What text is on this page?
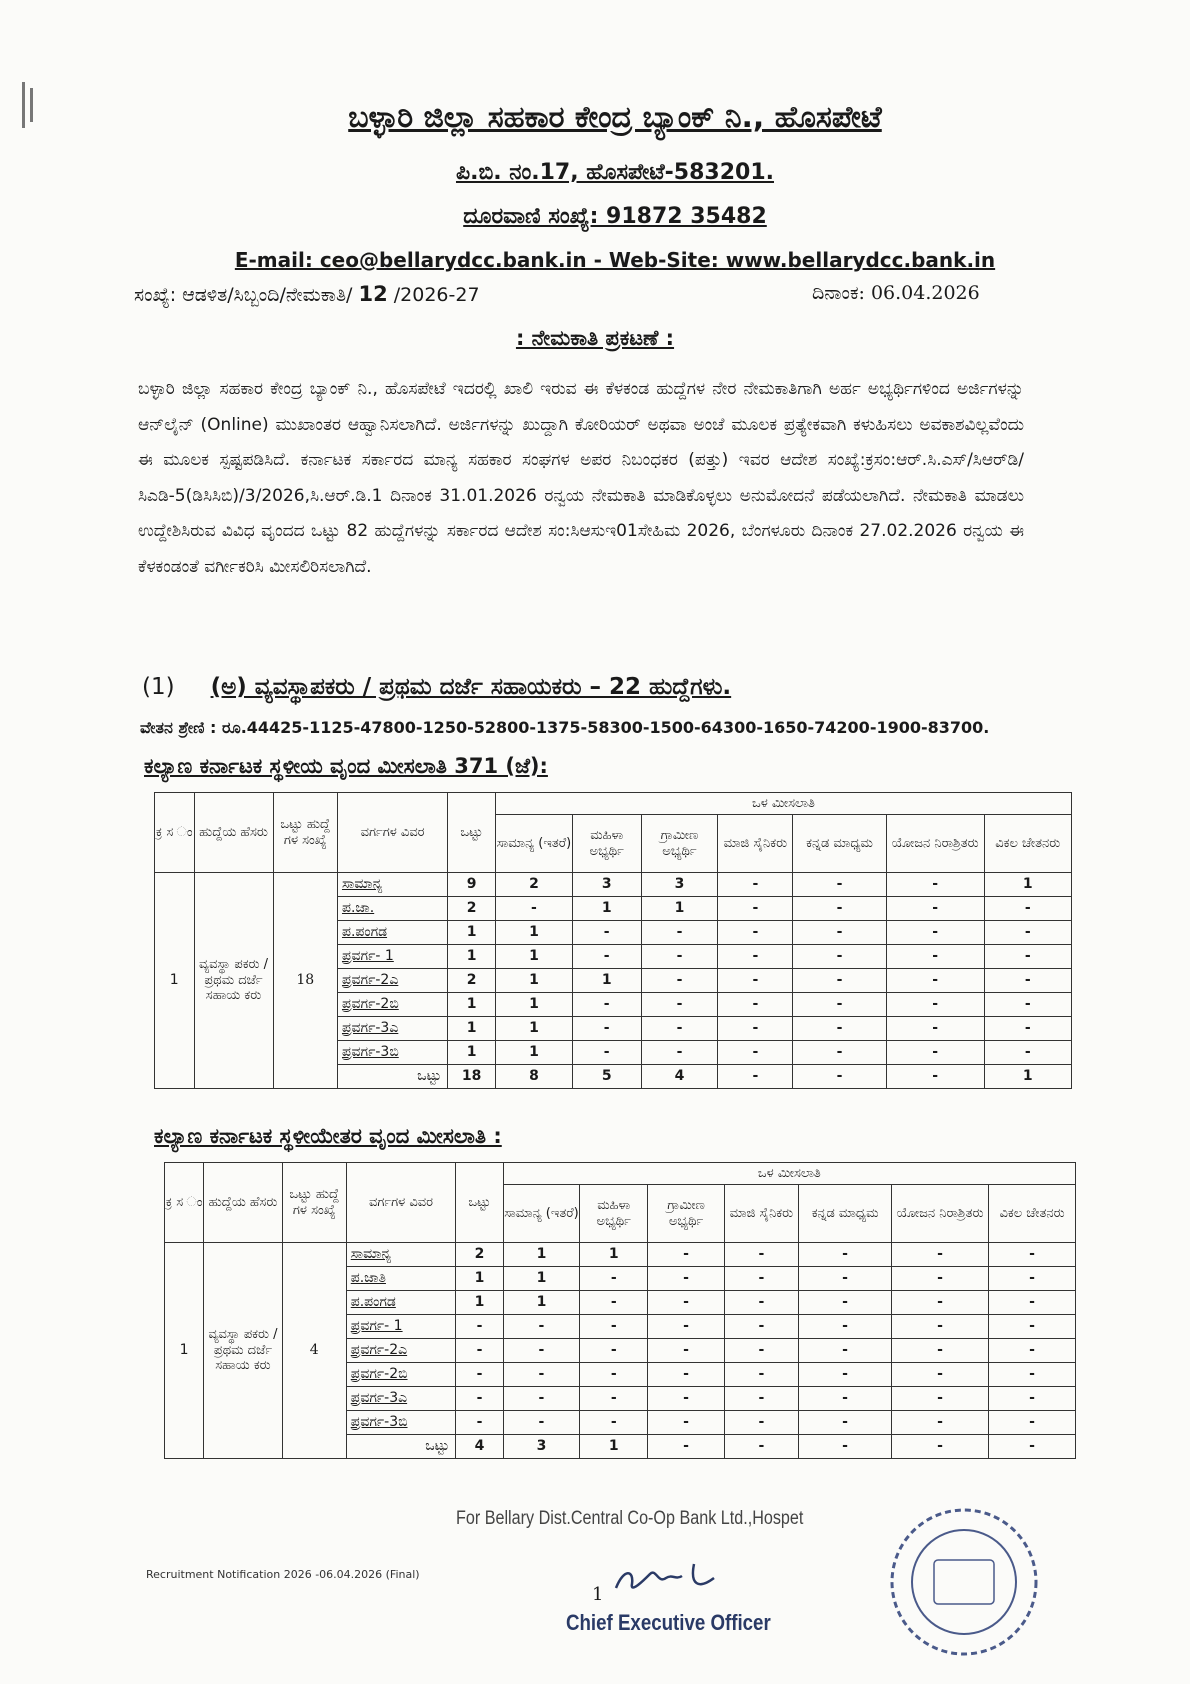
ಬಳ್ಳಾರಿ ಜಿಲ್ಲಾ ಸಹಕಾರ ಕೇಂದ್ರ ಬ್ಯಾಂಕ್ ನಿ., ಹೊಸಪೇಟೆ
ಪಿ.ಬಿ. ನಂ.17, ಹೊಸಪೇಟೆ-583201.
ದೂರವಾಣಿ ಸಂಖ್ಯೆ: 91872 35482
E-mail: ceo@bellarydcc.bank.in - Web-Site: www.bellarydcc.bank.in
ಸಂಖ್ಯೆ: ಆಡಳಿತ/ಸಿಬ್ಬಂದಿ/ನೇಮಕಾತಿ/ 12 /2026-27	ದಿನಾಂಕ: 06.04.2026
: ನೇಮಕಾತಿ ಪ್ರಕಟಣೆ :
ಬಳ್ಳಾರಿ ಜಿಲ್ಲಾ ಸಹಕಾರ ಕೇಂದ್ರ ಬ್ಯಾಂಕ್ ನಿ., ಹೊಸಪೇಟೆ ಇದರಲ್ಲಿ ಖಾಲಿ ಇರುವ ಈ ಕೆಳಕಂಡ ಹುದ್ದೆಗಳ ನೇರ ನೇಮಕಾತಿಗಾಗಿ ಅರ್ಹ ಅಭ್ಯರ್ಥಿಗಳಿಂದ ಅರ್ಜಿಗಳನ್ನು ಆನ್‌ಲೈನ್ (Online) ಮುಖಾಂತರ ಆಹ್ವಾನಿಸಲಾಗಿದೆ. ಅರ್ಜಿಗಳನ್ನು ಖುದ್ದಾಗಿ ಕೋರಿಯರ್ ಅಥವಾ ಅಂಚೆ ಮೂಲಕ ಪ್ರತ್ಯೇಕವಾಗಿ ಕಳುಹಿಸಲು ಅವಕಾಶವಿಲ್ಲವೆಂದು ಈ ಮೂಲಕ ಸ್ಪಷ್ಟಪಡಿಸಿದೆ. ಕರ್ನಾಟಕ ಸರ್ಕಾರದ ಮಾನ್ಯ ಸಹಕಾರ ಸಂಘಗಳ ಅಪರ ನಿಬಂಧಕರ (ಪತ್ತು) ಇವರ ಆದೇಶ ಸಂಖ್ಯೆ:ಕ್ರಸಂ:ಆರ್.ಸಿ.ಎಸ್/ಸಿಆರ್‌ಡಿ/ಸಿಎಡಿ-5(ಡಿಸಿಸಿಬಿ)/3/2026,ಸಿ.ಆರ್.ಡಿ.1 ದಿನಾಂಕ 31.01.2026 ರನ್ವಯ ನೇಮಕಾತಿ ಮಾಡಿಕೊಳ್ಳಲು ಅನುಮೋದನೆ ಪಡೆಯಲಾಗಿದೆ. ನೇಮಕಾತಿ ಮಾಡಲು ಉದ್ದೇಶಿಸಿರುವ ವಿವಿಧ ವೃಂದದ ಒಟ್ಟು 82 ಹುದ್ದೆಗಳನ್ನು ಸರ್ಕಾರದ ಆದೇಶ ಸಂ:ಸಿಆಸುಇ01ಸೇಹಿಮ 2026, ಬೆಂಗಳೂರು ದಿನಾಂಕ 27.02.2026 ರನ್ವಯ ಈ ಕೆಳಕಂಡಂತೆ ವರ್ಗೀಕರಿಸಿ ಮೀಸಲಿರಿಸಲಾಗಿದೆ.
(1) (ಅ) ವ್ಯವಸ್ಥಾಪಕರು / ಪ್ರಥಮ ದರ್ಜೆ ಸಹಾಯಕರು – 22 ಹುದ್ದೆಗಳು.
ವೇತನ ಶ್ರೇಣಿ : ರೂ.44425-1125-47800-1250-52800-1375-58300-1500-64300-1650-74200-1900-83700.
ಕಲ್ಯಾಣ ಕರ್ನಾಟಕ ಸ್ಥಳೀಯ ವೃಂದ ಮೀಸಲಾತಿ 371 (ಜೆ):
ಕ್ರ ಸ ಂ	ಹುದ್ದೆಯ ಹೆಸರು	ಒಟ್ಟು ಹುದ್ದೆ ಗಳ ಸಂಖ್ಯೆ	ವರ್ಗಗಳ ವಿವರ	ಒಟ್ಟು	ಒಳ ಮೀಸಲಾತಿ						
					ಸಾಮಾನ್ಯ (ಇತರೆ)	ಮಹಿಳಾ ಅಭ್ಯರ್ಥಿ	ಗ್ರಾಮೀಣ ಅಭ್ಯರ್ಥಿ	ಮಾಜಿ ಸೈನಿಕರು	ಕನ್ನಡ ಮಾಧ್ಯಮ	ಯೋಜನ ನಿರಾಶ್ರಿತರು	ವಿಕಲ ಚೇತನರು
1	ವ್ಯವಸ್ಥಾ ಪಕರು / ಪ್ರಥಮ ದರ್ಜೆ ಸಹಾಯ ಕರು	18	ಸಾಮಾನ್ಯ	9	2	3	3	-	-	-	1
			ಪ.ಜಾ.	2	-	1	1	-	-	-	-
			ಪ.ಪಂಗಡ	1	1	-	-	-	-	-	-
			ಪ್ರವರ್ಗ- 1	1	1	-	-	-	-	-	-
			ಪ್ರವರ್ಗ-2ಎ	2	1	1	-	-	-	-	-
			ಪ್ರವರ್ಗ-2ಬಿ	1	1	-	-	-	-	-	-
			ಪ್ರವರ್ಗ-3ಎ	1	1	-	-	-	-	-	-
			ಪ್ರವರ್ಗ-3ಬಿ	1	1	-	-	-	-	-	-
			ಒಟ್ಟು	18	8	5	4	-	-	-	1
ಕಲ್ಯಾಣ ಕರ್ನಾಟಕ ಸ್ಥಳೀಯೇತರ ವೃಂದ ಮೀಸಲಾತಿ :
ಕ್ರ ಸ ಂ	ಹುದ್ದೆಯ ಹೆಸರು	ಒಟ್ಟು ಹುದ್ದೆ ಗಳ ಸಂಖ್ಯೆ	ವರ್ಗಗಳ ವಿವರ	ಒಟ್ಟು	ಒಳ ಮೀಸಲಾತಿ						
					ಸಾಮಾನ್ಯ (ಇತರೆ)	ಮಹಿಳಾ ಅಭ್ಯರ್ಥಿ	ಗ್ರಾಮೀಣ ಅಭ್ಯರ್ಥಿ	ಮಾಜಿ ಸೈನಿಕರು	ಕನ್ನಡ ಮಾಧ್ಯಮ	ಯೋಜನ ನಿರಾಶ್ರಿತರು	ವಿಕಲ ಚೇತನರು
1	ವ್ಯವಸ್ಥಾ ಪಕರು / ಪ್ರಥಮ ದರ್ಜೆ ಸಹಾಯ ಕರು	4	ಸಾಮಾನ್ಯ	2	1	1	-	-	-	-	-
			ಪ.ಜಾತಿ	1	1	-	-	-	-	-	-
			ಪ.ಪಂಗಡ	1	1	-	-	-	-	-	-
			ಪ್ರವರ್ಗ- 1	-	-	-	-	-	-	-	-
			ಪ್ರವರ್ಗ-2ಎ	-	-	-	-	-	-	-	-
			ಪ್ರವರ್ಗ-2ಬಿ	-	-	-	-	-	-	-	-
			ಪ್ರವರ್ಗ-3ಎ	-	-	-	-	-	-	-	-
			ಪ್ರವರ್ಗ-3ಬಿ	-	-	-	-	-	-	-	-
			ಒಟ್ಟು	4	3	1	-	-	-	-	-
For Bellary Dist.Central Co-Op Bank Ltd.,Hospet
Recruitment Notification 2026 -06.04.2026 (Final)
1
Chief Executive Officer
